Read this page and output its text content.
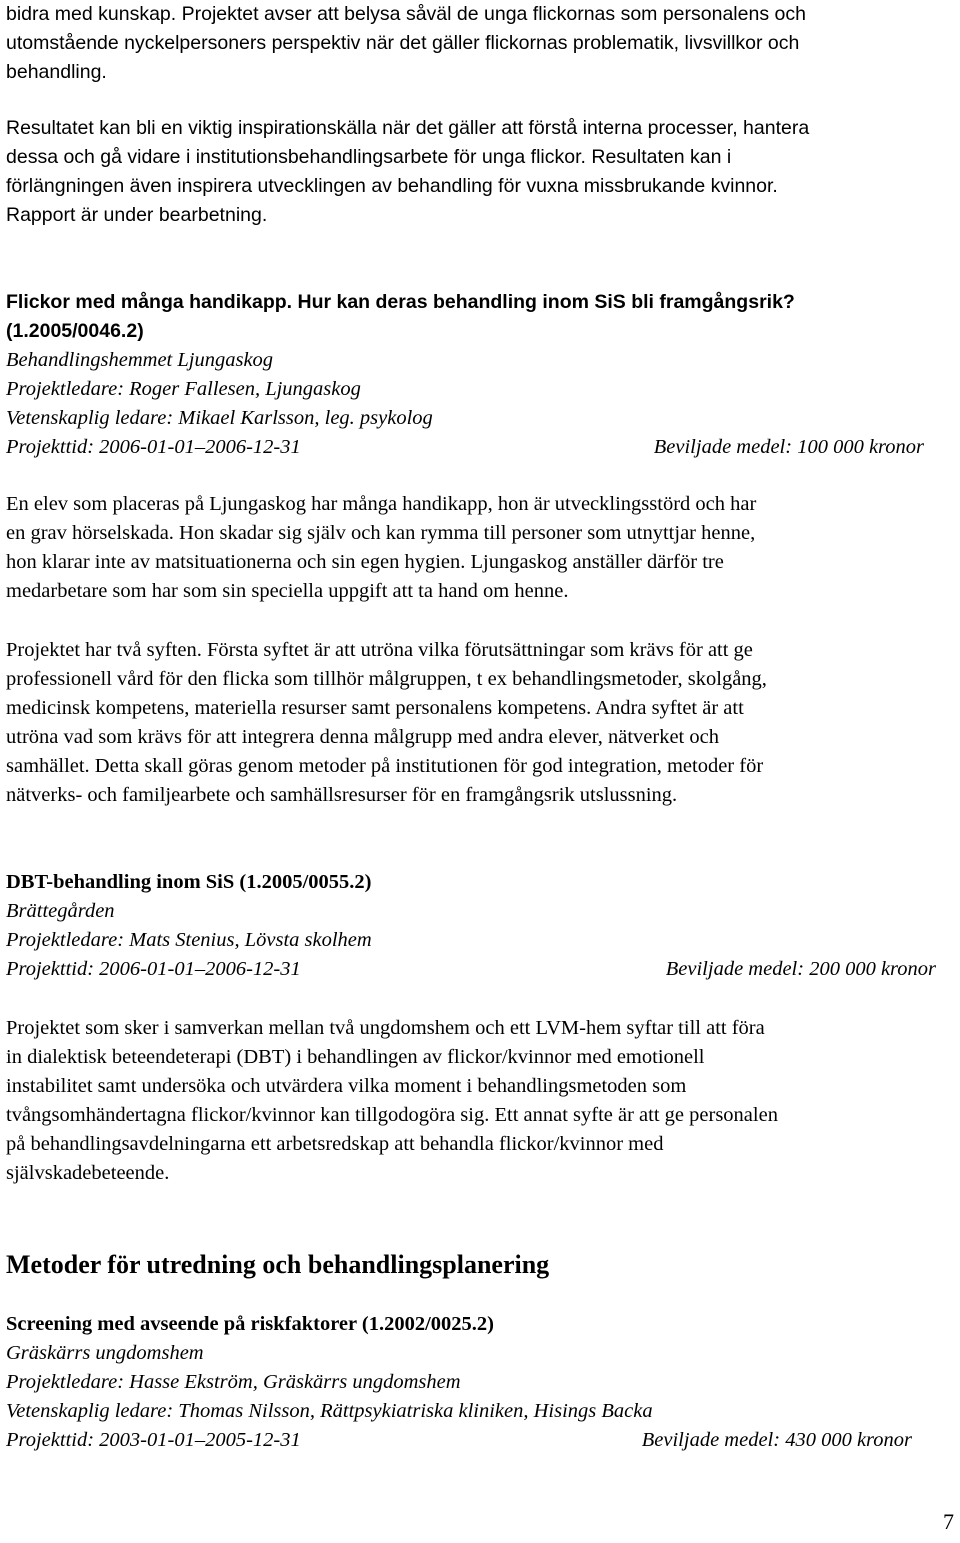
bidra med kunskap. Projektet avser att belysa såväl de unga flickornas som personalens och

utomstående nyckelpersoners perspektiv när det gäller flickornas problematik, livsvillkor och

behandling.

Resultatet kan bli en viktig inspirationskälla när det gäller att förstå interna processer, hantera

dessa och gå vidare i institutionsbehandlingsarbete för unga flickor. Resultaten kan i

förlängningen även inspirera utvecklingen av behandling för vuxna missbrukande kvinnor.

Rapport är under bearbetning.

Flickor med många handikapp. Hur kan deras behandling inom SiS bli framgångsrik?

(1.2005/0046.2)

Behandlingshemmet Ljungaskog

Projektledare: Roger Fallesen, Ljungaskog

Vetenskaplig ledare: Mikael Karlsson, leg. psykolog

Projekttid: 2006-01-01–2006-12-31	Beviljade medel: 100 000 kronor

En elev som placeras på Ljungaskog har många handikapp, hon är utvecklingsstörd och har

en grav hörselskada. Hon skadar sig själv och kan rymma till personer som utnyttjar henne,

hon klarar inte av matsituationerna och sin egen hygien. Ljungaskog anställer därför tre

medarbetare som har som sin speciella uppgift att ta hand om henne.

Projektet har två syften. Första syftet är att utröna vilka förutsättningar som krävs för att ge

professionell vård för den flicka som tillhör målgruppen, t ex behandlingsmetoder, skolgång,

medicinsk kompetens, materiella resurser samt personalens kompetens. Andra syftet är att

utröna vad som krävs för att integrera denna målgrupp med andra elever, nätverket och

samhället. Detta skall göras genom metoder på institutionen för god integration, metoder för

nätverks- och familjearbete och samhällsresurser för en framgångsrik utslussning.

DBT-behandling inom SiS (1.2005/0055.2)

Brättegården

Projektledare: Mats Stenius, Lövsta skolhem

Projekttid: 2006-01-01–2006-12-31	Beviljade medel: 200 000 kronor

Projektet som sker i samverkan mellan två ungdomshem och ett LVM-hem syftar till att föra

in dialektisk beteendeterapi (DBT) i behandlingen av flickor/kvinnor med emotionell

instabilitet samt undersöka och utvärdera vilka moment i behandlingsmetoden som

tvångsomhändertagna flickor/kvinnor kan tillgodogöra sig. Ett annat syfte är att ge personalen

på behandlingsavdelningarna ett arbetsredskap att behandla flickor/kvinnor med

självskadebeteende.

Metoder för utredning och behandlingsplanering

Screening med avseende på riskfaktorer (1.2002/0025.2)

Gräskärrs ungdomshem

Projektledare: Hasse Ekström, Gräskärrs ungdomshem

Vetenskaplig ledare: Thomas Nilsson, Rättpsykiatriska kliniken, Hisings Backa

Projekttid: 2003-01-01–2005-12-31	Beviljade medel: 430 000 kronor
7
